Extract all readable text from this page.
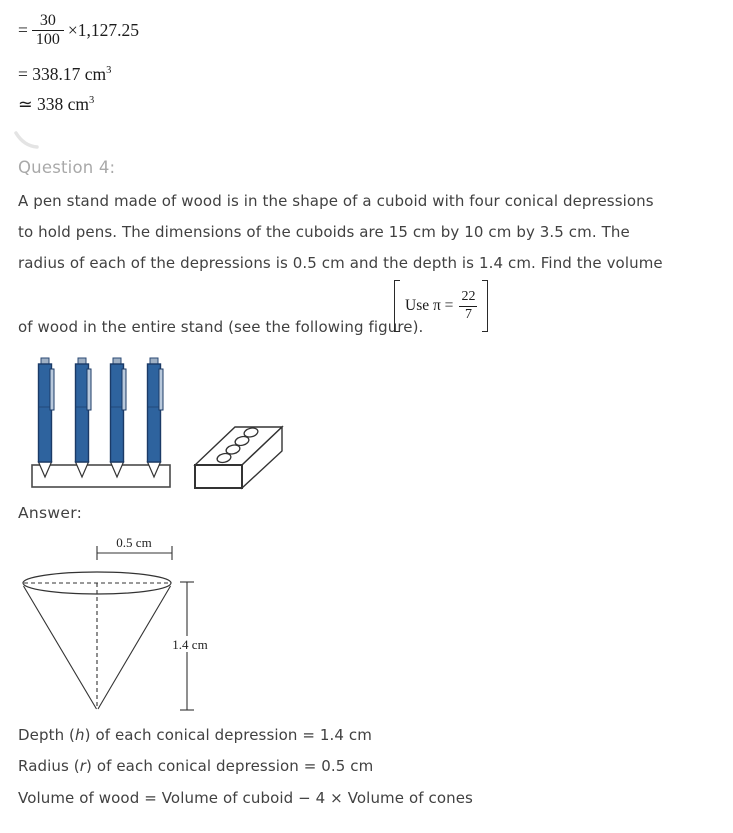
= $\frac{30}{100} \times 1,127.25$
= 338.17 $cm^3$
≃ 338 $cm^3$
Question 4:
A pen stand made of wood is in the shape of a cuboid with four conical depressions
to hold pens. The dimensions of the cuboids are 15 cm by 10 cm by 3.5 cm. The
radius of each of the depressions is 0.5 cm and the depth is 1.4 cm. Find the volume
of wood in the entire stand (see the following figure).
Use $\pi = \frac{22}{7}$
Answer:
0.5 cm
1.4 cm
Depth (h) of each conical depression = 1.4 cm
Radius (r) of each conical depression = 0.5 cm
Volume of wood = Volume of cuboid − 4 × Volume of cones
